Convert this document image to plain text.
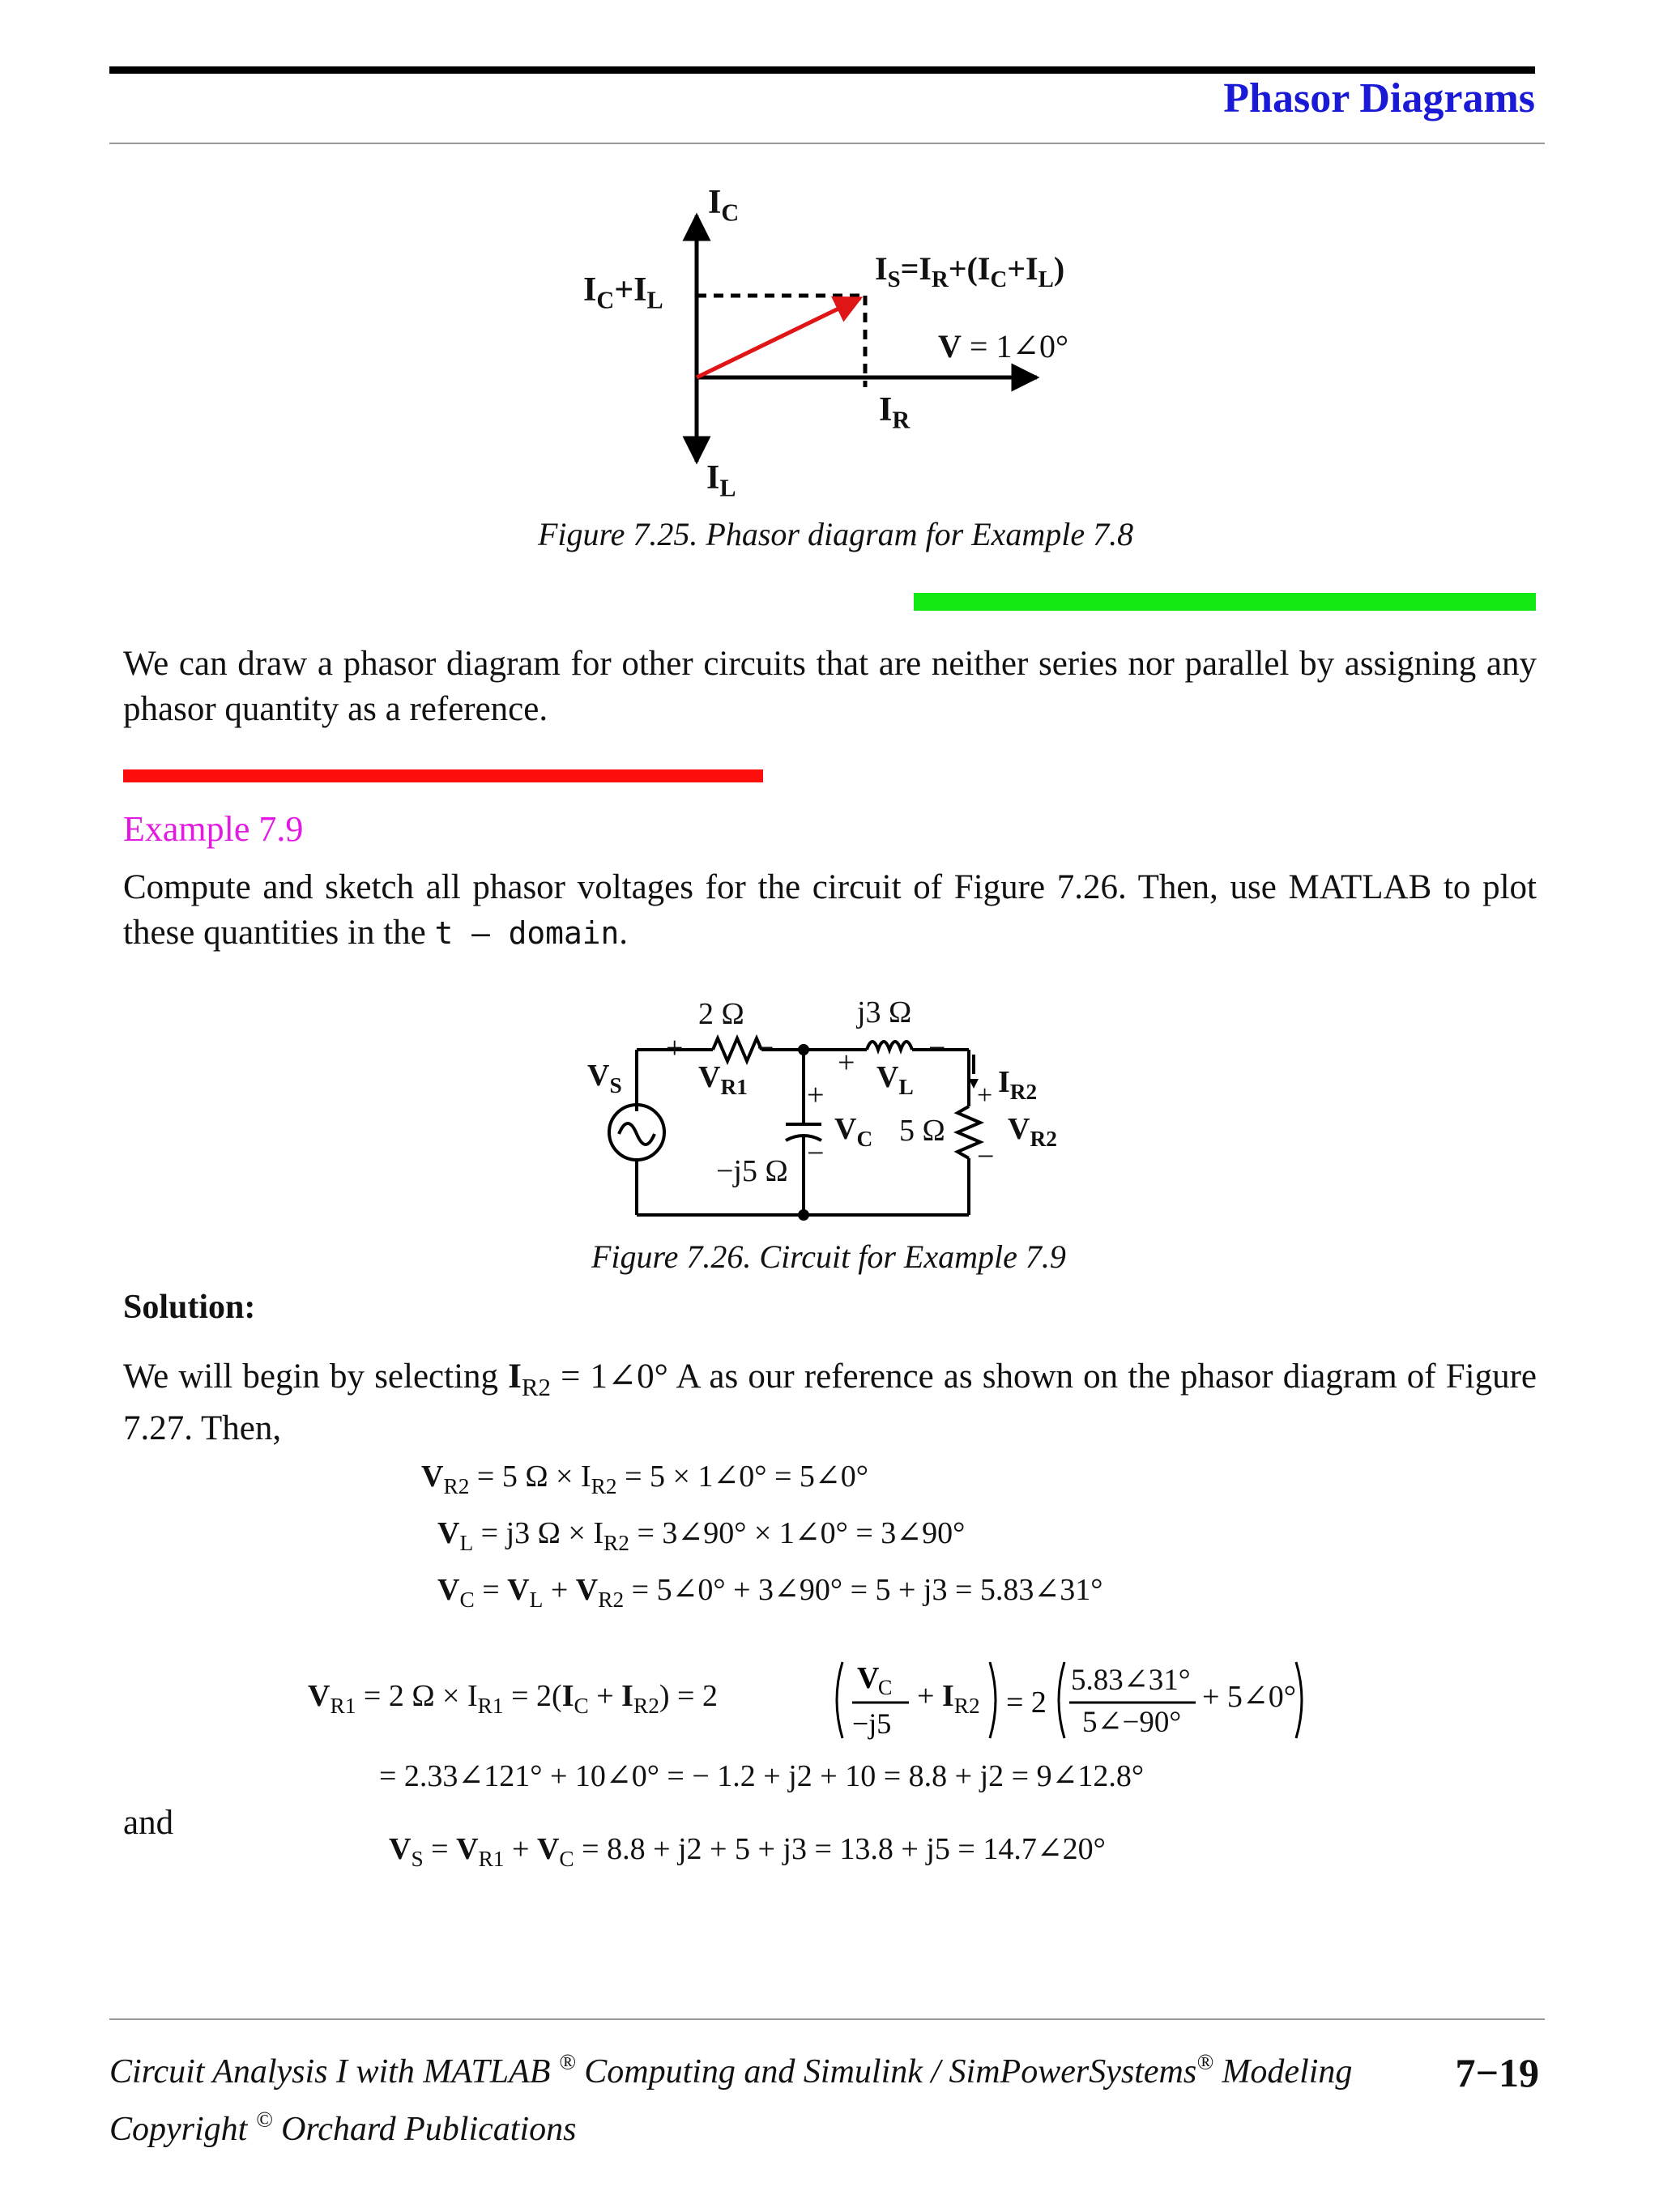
Phasor Diagrams
$I_C$
$I_C+I_L$
$I_S=I_R+(I_C+I_L)$
V = 1∠0°
$I_R$
$I_L$
Figure 7.25. Phasor diagram for Example 7.8
We can draw a phasor diagram for other circuits that are neither series nor parallel by assigning any phasor quantity as a reference.
Example 7.9
Compute and sketch all phasor voltages for the circuit of Figure 7.26. Then, use MATLAB to plot these quantities in the t – domain.
2 Ω	j3 Ω
+ − + −
$V_S$ $V_{R1}$	$V_L$
+
−
$V_C$ 5 Ω
$I_{R2}$
+
$V_{R2}$
−
−j5 Ω
Figure 7.26. Circuit for Example 7.9
Solution:
We will begin by selecting $I_{R2}$ = 1∠0° A as our reference as shown on the phasor diagram of Figure 7.27. Then,
$V_{R2} = 5$ $\Omega \times I_{R2} = 5$ × 1∠0° = 5∠0°
$V_L = j3$ $\Omega \times I_{R2}$ = 3∠90° × 1∠0° = 3∠90°
$V_C = V_L + V_{R2}$ = 5∠0° + 3∠90° = 5 + j3 = 5.83∠31°
$V_{R1} = 2$ $\Omega \times I_{R1} = 2(I_C + I_{R2}) = 2$
V
C
−j5
+ $I_{R2} = 2$
5.83∠31°
5∠−90°
+ 5∠0°
= 2.33∠121° + 10∠0° = − 1.2 + j2 + 10 = 8.8 + j2 = 9∠12.8°
and
$V_S = V_{R1} + V_C = 8.8 + j2 + 5 + j3 = 13.8 + j5$ = 14.7∠20°
Circuit Analysis I with MATLAB ® Computing and Simulink / SimPowerSystems® Modeling	7−19
Copyright © Orchard Publications
